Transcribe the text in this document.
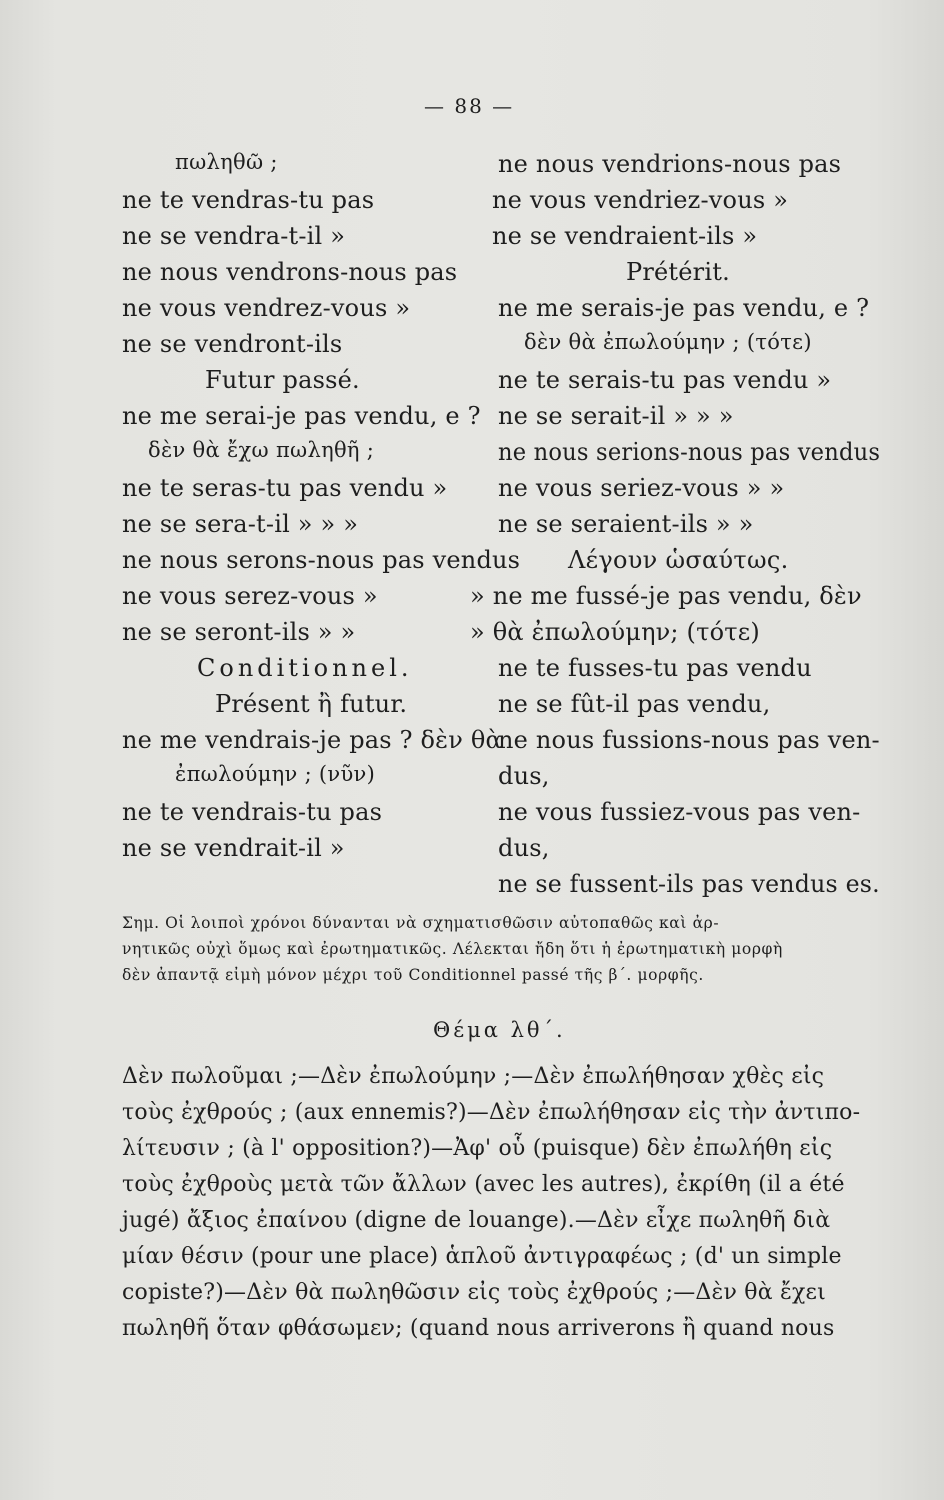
— 88 —
πωληθῶ ;
ne te vendras-tu pas
ne se vendra-t-il »
ne nous vendrons-nous pas
ne vous vendrez-vous »
ne se vendront-ils
Futur passé.
ne me serai-je pas vendu, e ?
δὲν θὰ ἔχω πωληθῆ ;
ne te seras-tu pas vendu »
ne se sera-t-il » » »
ne nous serons-nous pas vendus
ne vous serez-vous »
ne se seront-ils » »
Conditionnel.
Présent ἢ futur.
ne me vendrais-je pas ? δὲν θὰ
ἐπωλούμην ; (νῦν)
ne te vendrais-tu pas
ne se vendrait-il »
ne nous vendrions-nous pas
ne vous vendriez-vous »
ne se vendraient-ils »
Prétérit.
ne me serais-je pas vendu, e ?
δὲν θὰ ἐπωλούμην ; (τότε)
ne te serais-tu pas vendu »
ne se serait-il » » »
ne nous serions-nous pas vendus
ne vous seriez-vous » »
ne se seraient-ils » »
Λέγουν ὡσαύτως.
» ne me fussé-je pas vendu, δὲν
» θὰ ἐπωλούμην; (τότε)
ne te fusses-tu pas vendu
ne se fût-il pas vendu,
ne nous fussions-nous pas ven-
dus,
ne vous fussiez-vous pas ven-
dus,
ne se fussent-ils pas vendus es.
Σημ. Οἱ λοιποὶ χρόνοι δύνανται νὰ σχηματισθῶσιν αὐτοπαθῶς καὶ ἀρ-
νητικῶς οὐχὶ ὅμως καὶ ἐρωτηματικῶς. Λέλεκται ἤδη ὅτι ἡ ἐρωτηματικὴ μορφὴ
δὲν ἀπαντᾷ εἰμὴ μόνον μέχρι τοῦ Conditionnel passé τῆς β΄. μορφῆς.
Θέμα λθ΄.
Δὲν πωλοῦμαι ;—Δὲν ἐπωλούμην ;—Δὲν ἐπωλήθησαν χθὲς εἰς
τοὺς ἐχθρούς ; (aux ennemis?)—Δὲν ἐπωλήθησαν εἰς τὴν ἀντιπο-
λίτευσιν ; (à l' opposition?)—Ἀφ' οὗ (puisque) δὲν ἐπωλήθη εἰς
τοὺς ἐχθροὺς μετὰ τῶν ἄλλων (avec les autres), ἐκρίθη (il a été
jugé) ἄξιος ἐπαίνου (digne de louange).—Δὲν εἶχε πωληθῆ διὰ
μίαν θέσιν (pour une place) ἁπλοῦ ἀντιγραφέως ; (d' un simple
copiste?)—Δὲν θὰ πωληθῶσιν εἰς τοὺς ἐχθρούς ;—Δὲν θὰ ἔχει
πωληθῆ ὅταν φθάσωμεν; (quand nous arriverons ἢ quand nous
